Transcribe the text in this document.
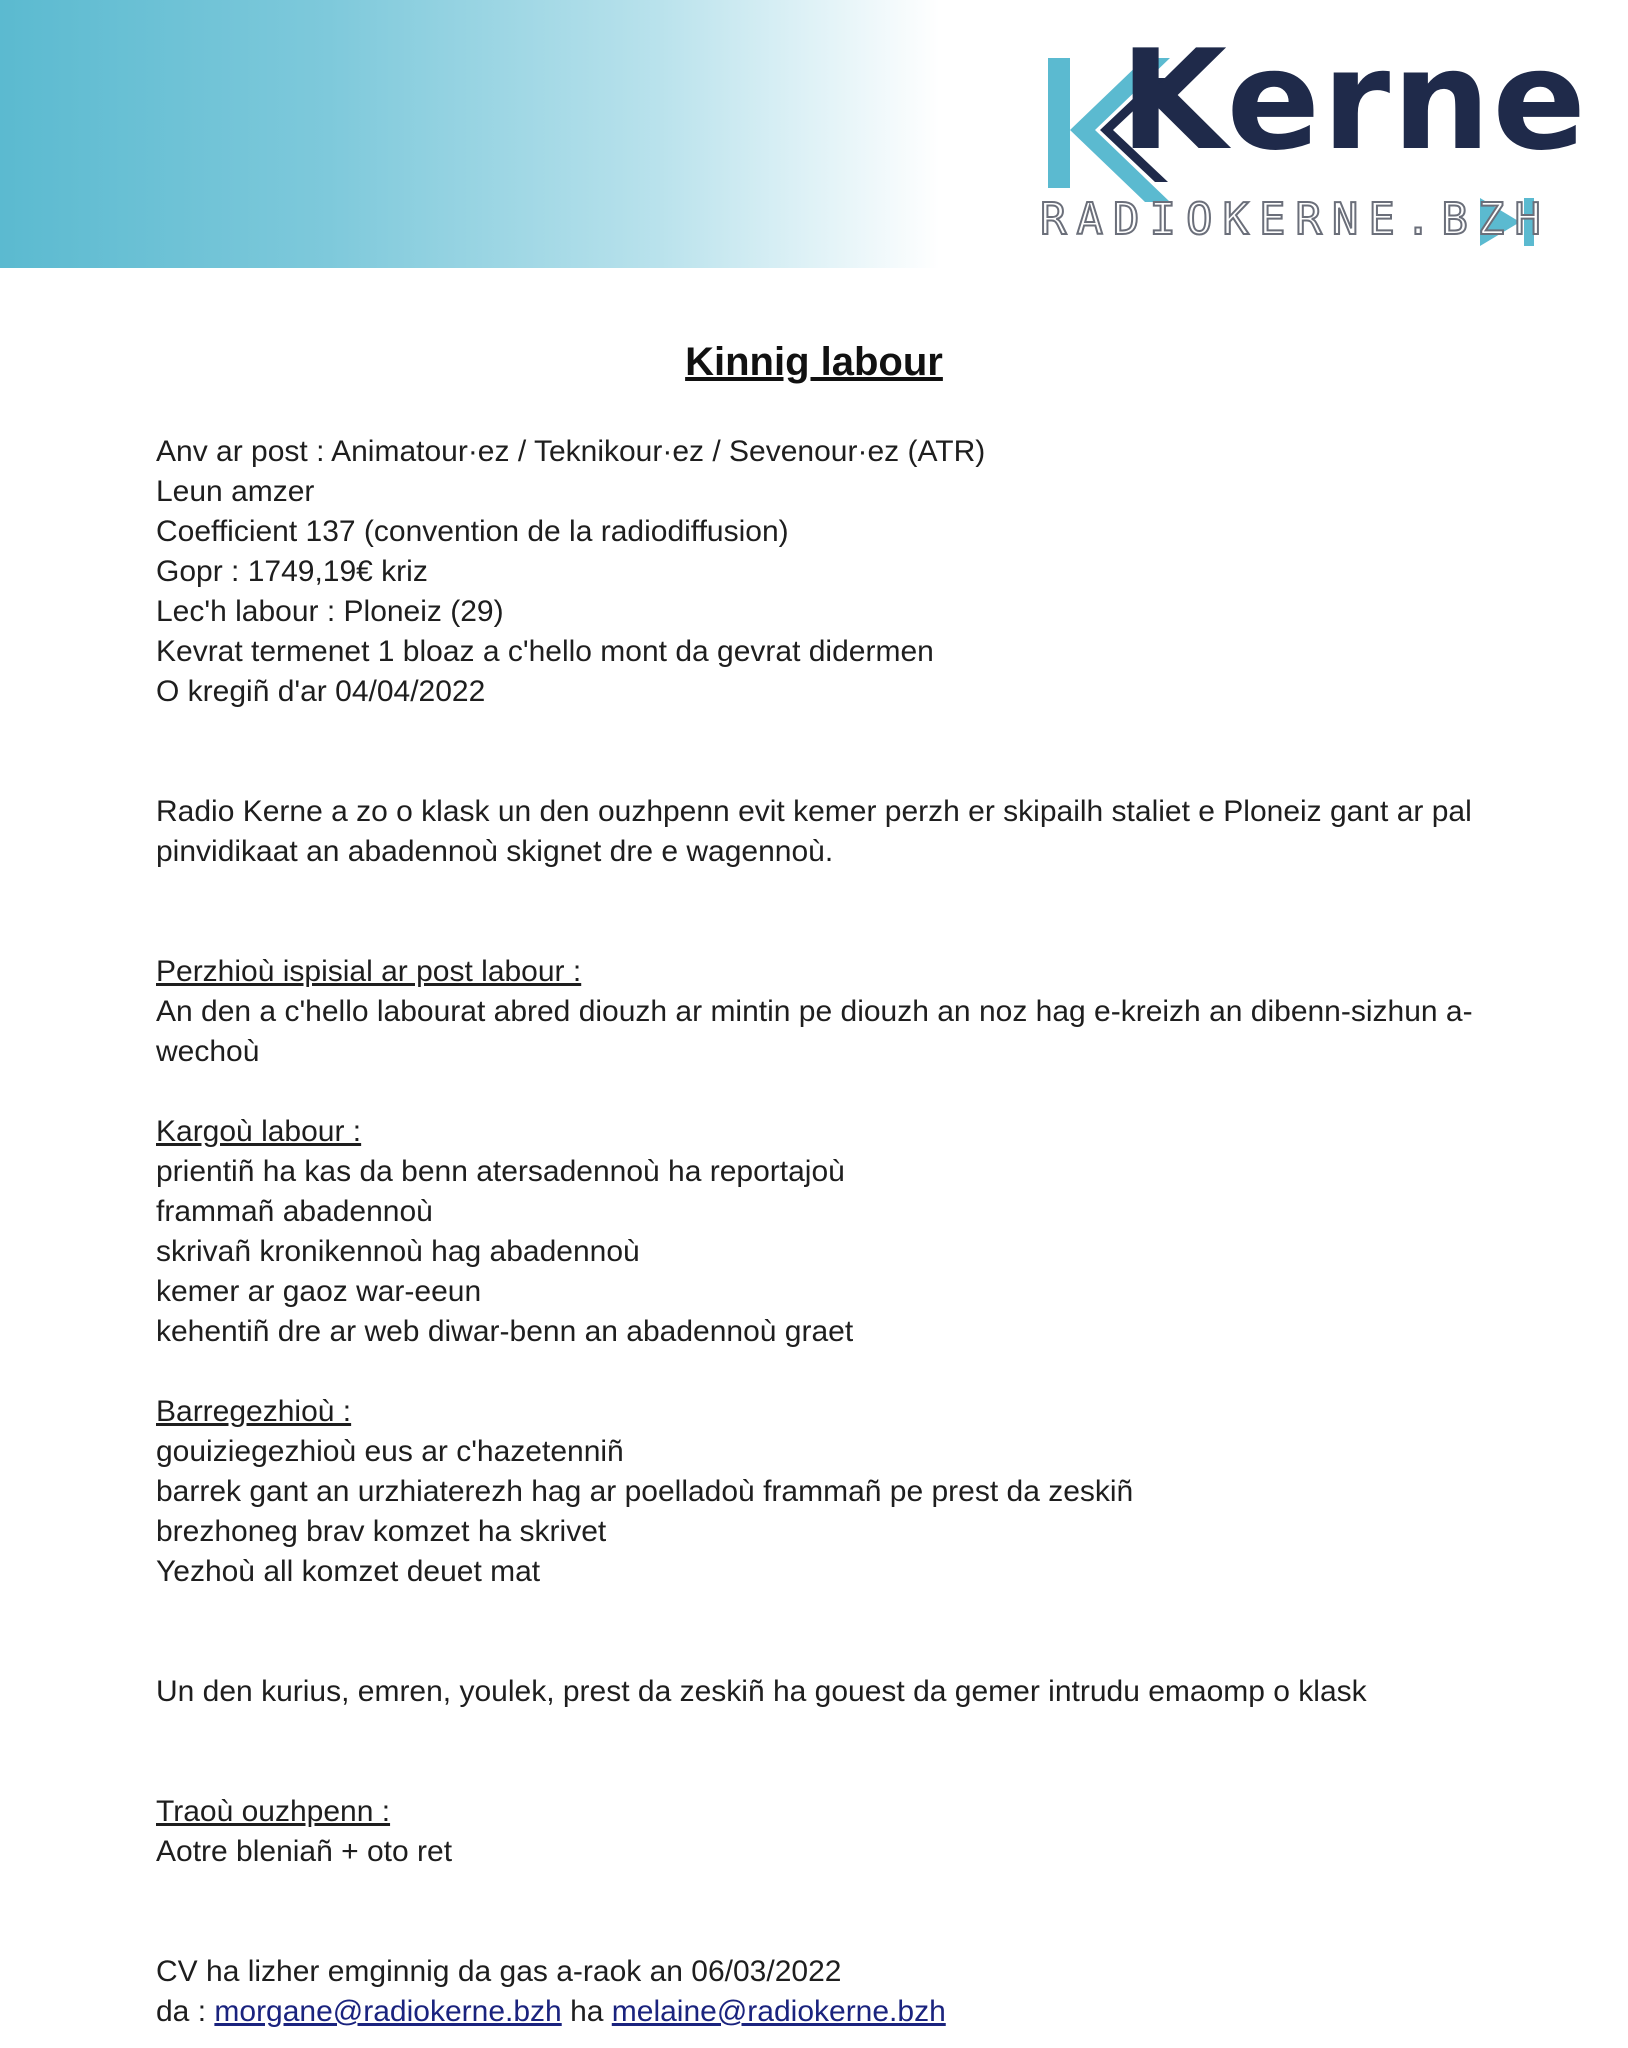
Kerne
RADIOKERNE.BZH
Kinnig labour
Anv ar post : Animatour·ez / Teknikour·ez / Sevenour·ez (ATR)
Leun amzer
Coefficient 137 (convention de la radiodiffusion)
Gopr : 1749,19€ kriz
Lec'h labour : Ploneiz (29)
Kevrat termenet 1 bloaz a c'hello mont da gevrat didermen
O kregiñ d'ar 04/04/2022
Radio Kerne a zo o klask un den ouzhpenn evit kemer perzh er skipailh staliet e Ploneiz gant ar pal pinvidikaat an abadennoù skignet dre e wagennoù.
Perzhioù ispisial ar post labour :
An den a c'hello labourat abred diouzh ar mintin pe diouzh an noz hag e-kreizh an dibenn-sizhun a-wechoù
Kargoù labour :
prientiñ ha kas da benn atersadennoù ha reportajoù
frammañ abadennoù
skrivañ kronikennoù hag abadennoù
kemer ar gaoz war-eeun
kehentiñ dre ar web diwar-benn an abadennoù graet
Barregezhioù :
gouiziegezhioù eus ar c'hazetenniñ
barrek gant an urzhiaterezh hag ar poelladoù frammañ pe prest da zeskiñ
brezhoneg brav komzet ha skrivet
Yezhoù all komzet deuet mat
Un den kurius, emren, youlek, prest da zeskiñ ha gouest da gemer intrudu emaomp o klask
Traoù ouzhpenn :
Aotre bleniañ + oto ret
CV ha lizher emginnig da gas a-raok an 06/03/2022
da : morgane@radiokerne.bzh ha melaine@radiokerne.bzh
